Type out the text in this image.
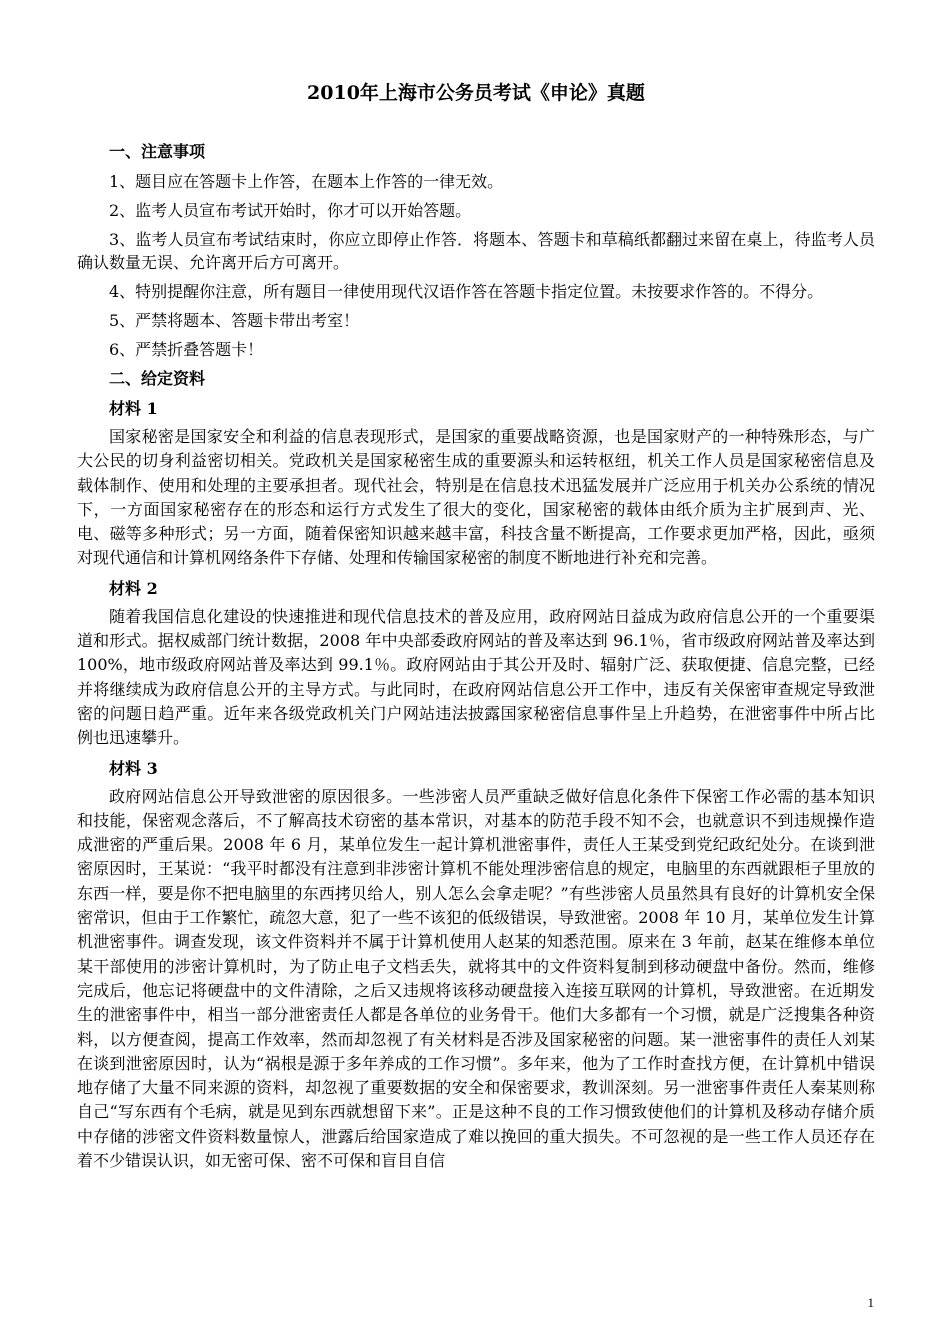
2010年上海市公务员考试《申论》真题
一、注意事项
1、题目应在答题卡上作答，在题本上作答的一律无效。
2、监考人员宣布考试开始时，你才可以开始答题。
3、监考人员宣布考试结束时，你应立即停止作答．将题本、答题卡和草稿纸都翻过来留在桌上，待监考人员确认数量无误、允许离开后方可离开。
4、特别提醒你注意，所有题目一律使用现代汉语作答在答题卡指定位置。未按要求作答的。不得分。
5、严禁将题本、答题卡带出考室！
6、严禁折叠答题卡！
二、给定资料
材料 1
国家秘密是国家安全和利益的信息表现形式，是国家的重要战略资源，也是国家财产的一种特殊形态，与广大公民的切身利益密切相关。党政机关是国家秘密生成的重要源头和运转枢纽，机关工作人员是国家秘密信息及载体制作、使用和处理的主要承担者。现代社会，特别是在信息技术迅猛发展并广泛应用于机关办公系统的情况下，一方面国家秘密存在的形态和运行方式发生了很大的变化，国家秘密的载体由纸介质为主扩展到声、光、电、磁等多种形式；另一方面，随着保密知识越来越丰富，科技含量不断提高，工作要求更加严格，因此，亟须对现代通信和计算机网络条件下存储、处理和传输国家秘密的制度不断地进行补充和完善。
材料 2
随着我国信息化建设的快速推进和现代信息技术的普及应用，政府网站日益成为政府信息公开的一个重要渠道和形式。据权威部门统计数据，2008 年中央部委政府网站的普及率达到 96.1％，省市级政府网站普及率达到 100%，地市级政府网站普及率达到 99.1％。政府网站由于其公开及时、辐射广泛、获取便捷、信息完整，已经并将继续成为政府信息公开的主导方式。与此同时，在政府网站信息公开工作中，违反有关保密审查规定导致泄密的问题日趋严重。近年来各级党政机关门户网站违法披露国家秘密信息事件呈上升趋势，在泄密事件中所占比例也迅速攀升。
材料 3
政府网站信息公开导致泄密的原因很多。一些涉密人员严重缺乏做好信息化条件下保密工作必需的基本知识和技能，保密观念落后，不了解高技术窃密的基本常识，对基本的防范手段不知不会，也就意识不到违规操作造成泄密的严重后果。2008 年 6 月，某单位发生一起计算机泄密事件，责任人王某受到党纪政纪处分。在谈到泄密原因时，王某说：“我平时都没有注意到非涉密计算机不能处理涉密信息的规定，电脑里的东西就跟柜子里放的东西一样，要是你不把电脑里的东西拷贝给人，别人怎么会拿走呢？”有些涉密人员虽然具有良好的计算机安全保密常识，但由于工作繁忙，疏忽大意，犯了一些不该犯的低级错误，导致泄密。2008 年 10 月，某单位发生计算机泄密事件。调查发现，该文件资料并不属于计算机使用人赵某的知悉范围。原来在 3 年前，赵某在维修本单位某干部使用的涉密计算机时，为了防止电子文档丢失，就将其中的文件资料复制到移动硬盘中备份。然而，维修完成后，他忘记将硬盘中的文件清除，之后又违规将该移动硬盘接入连接互联网的计算机，导致泄密。在近期发生的泄密事件中，相当一部分泄密责任人都是各单位的业务骨干。他们大多都有一个习惯，就是广泛搜集各种资料，以方便查阅，提高工作效率，然而却忽视了有关材料是否涉及国家秘密的问题。某一泄密事件的责任人刘某在谈到泄密原因时，认为“祸根是源于多年养成的工作习惯”。多年来，他为了工作时查找方便，在计算机中错误地存储了大量不同来源的资料，却忽视了重要数据的安全和保密要求，教训深刻。另一泄密事件责任人秦某则称自己“写东西有个毛病，就是见到东西就想留下来”。正是这种不良的工作习惯致使他们的计算机及移动存储介质中存储的涉密文件资料数量惊人，泄露后给国家造成了难以挽回的重大损失。不可忽视的是一些工作人员还存在着不少错误认识，如无密可保、密不可保和盲目自信
1
